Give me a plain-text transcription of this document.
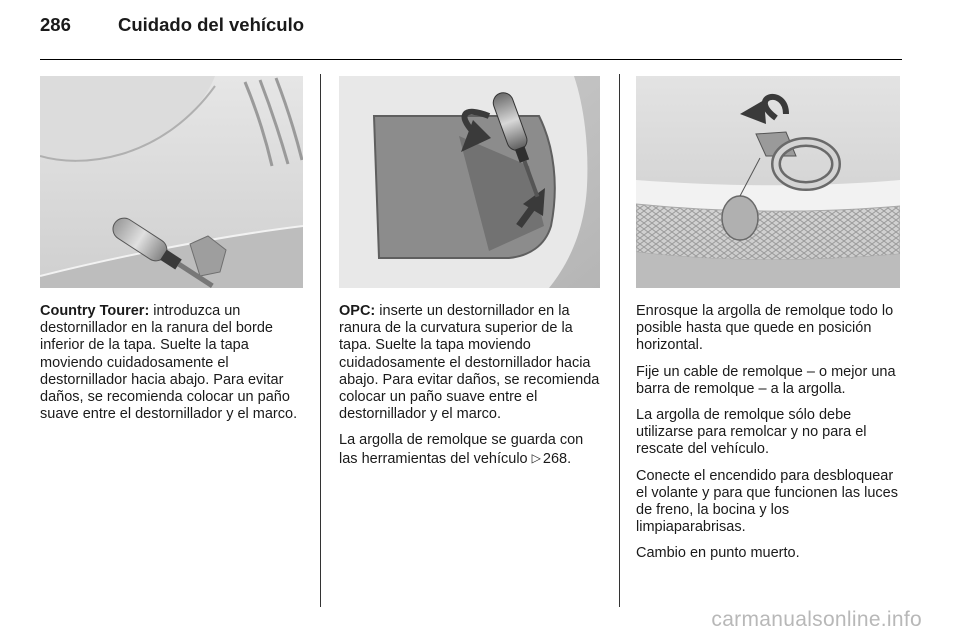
286	Cuidado del vehículo

Country Tourer: introduzca un destornillador en la ranura del borde inferior de la tapa. Suelte la tapa moviendo cuidadosamente el destornillador hacia abajo. Para evitar daños, se recomienda colocar un paño suave entre el destornillador y el marco.

OPC: inserte un destornillador en la ranura de la curvatura superior de la tapa. Suelte la tapa moviendo cuidadosamente el destornillador hacia abajo. Para evitar daños, se recomienda colocar un paño suave entre el destornillador y el marco.

La argolla de remolque se guarda con las herramientas del vehículo ▷ 268.

Enrosque la argolla de remolque todo lo posible hasta que quede en posición horizontal.

Fije un cable de remolque – o mejor una barra de remolque – a la argolla.

La argolla de remolque sólo debe utilizarse para remolcar y no para el rescate del vehículo.

Conecte el encendido para desbloquear el volante y para que funcionen las luces de freno, la bocina y los limpiaparabrisas.

Cambio en punto muerto.

carmanualsonline.info
